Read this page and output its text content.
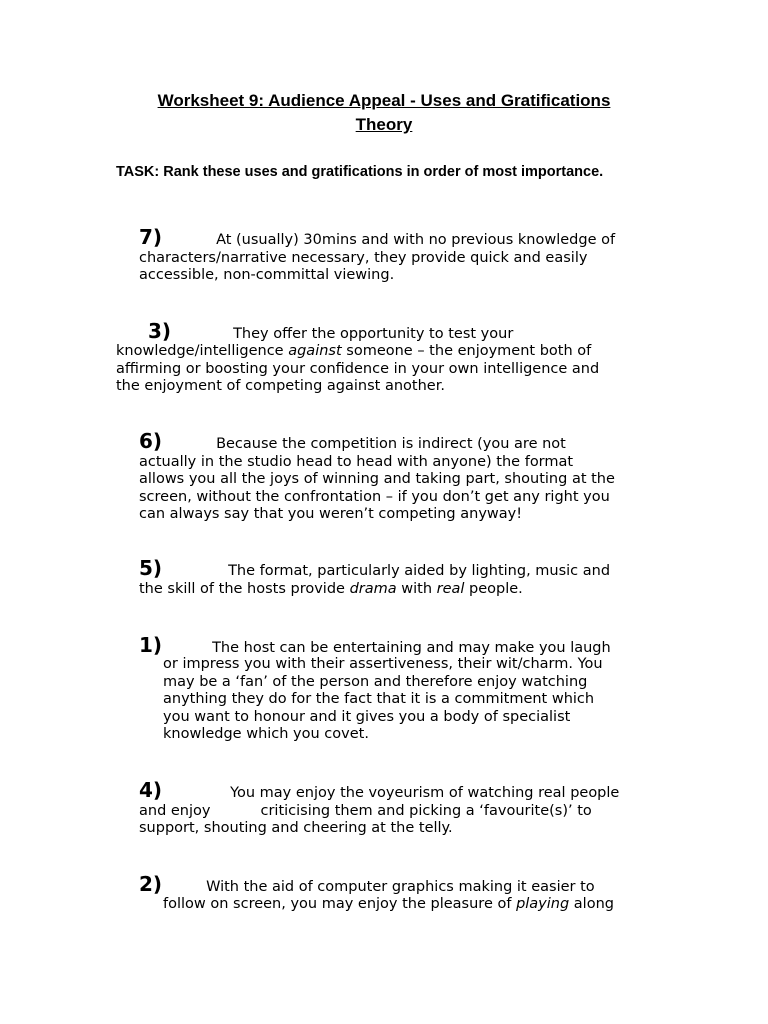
Worksheet 9: Audience Appeal - Uses and Gratifications
Theory
TASK: Rank these uses and gratifications in order of most importance.
7)	At (usually) 30mins and with no previous knowledge of
characters/narrative necessary, they provide quick and easily
accessible, non-committal viewing.
3)	They offer the opportunity to test your
knowledge/intelligence against someone – the enjoyment both of
affirming or boosting your confidence in your own intelligence and
the enjoyment of competing against another.
6)	Because the competition is indirect (you are not
actually in the studio head to head with anyone) the format
allows you all the joys of winning and taking part, shouting at the
screen, without the confrontation – if you don’t get any right you
can always say that you weren’t competing anyway!
5)	The format, particularly aided by lighting, music and
the skill of the hosts provide drama with real people.
1)	The host can be entertaining and may make you laugh
or impress you with their assertiveness, their wit/charm. You
may be a ‘fan’ of the person and therefore enjoy watching
anything they do for the fact that it is a commitment which
you want to honour and it gives you a body of specialist
knowledge which you covet.
4)	You may enjoy the voyeurism of watching real people
and enjoy	criticising them and picking a ‘favourite(s)’ to
support, shouting and cheering at the telly.
2)	With the aid of computer graphics making it easier to
follow on screen, you may enjoy the pleasure of playing along
